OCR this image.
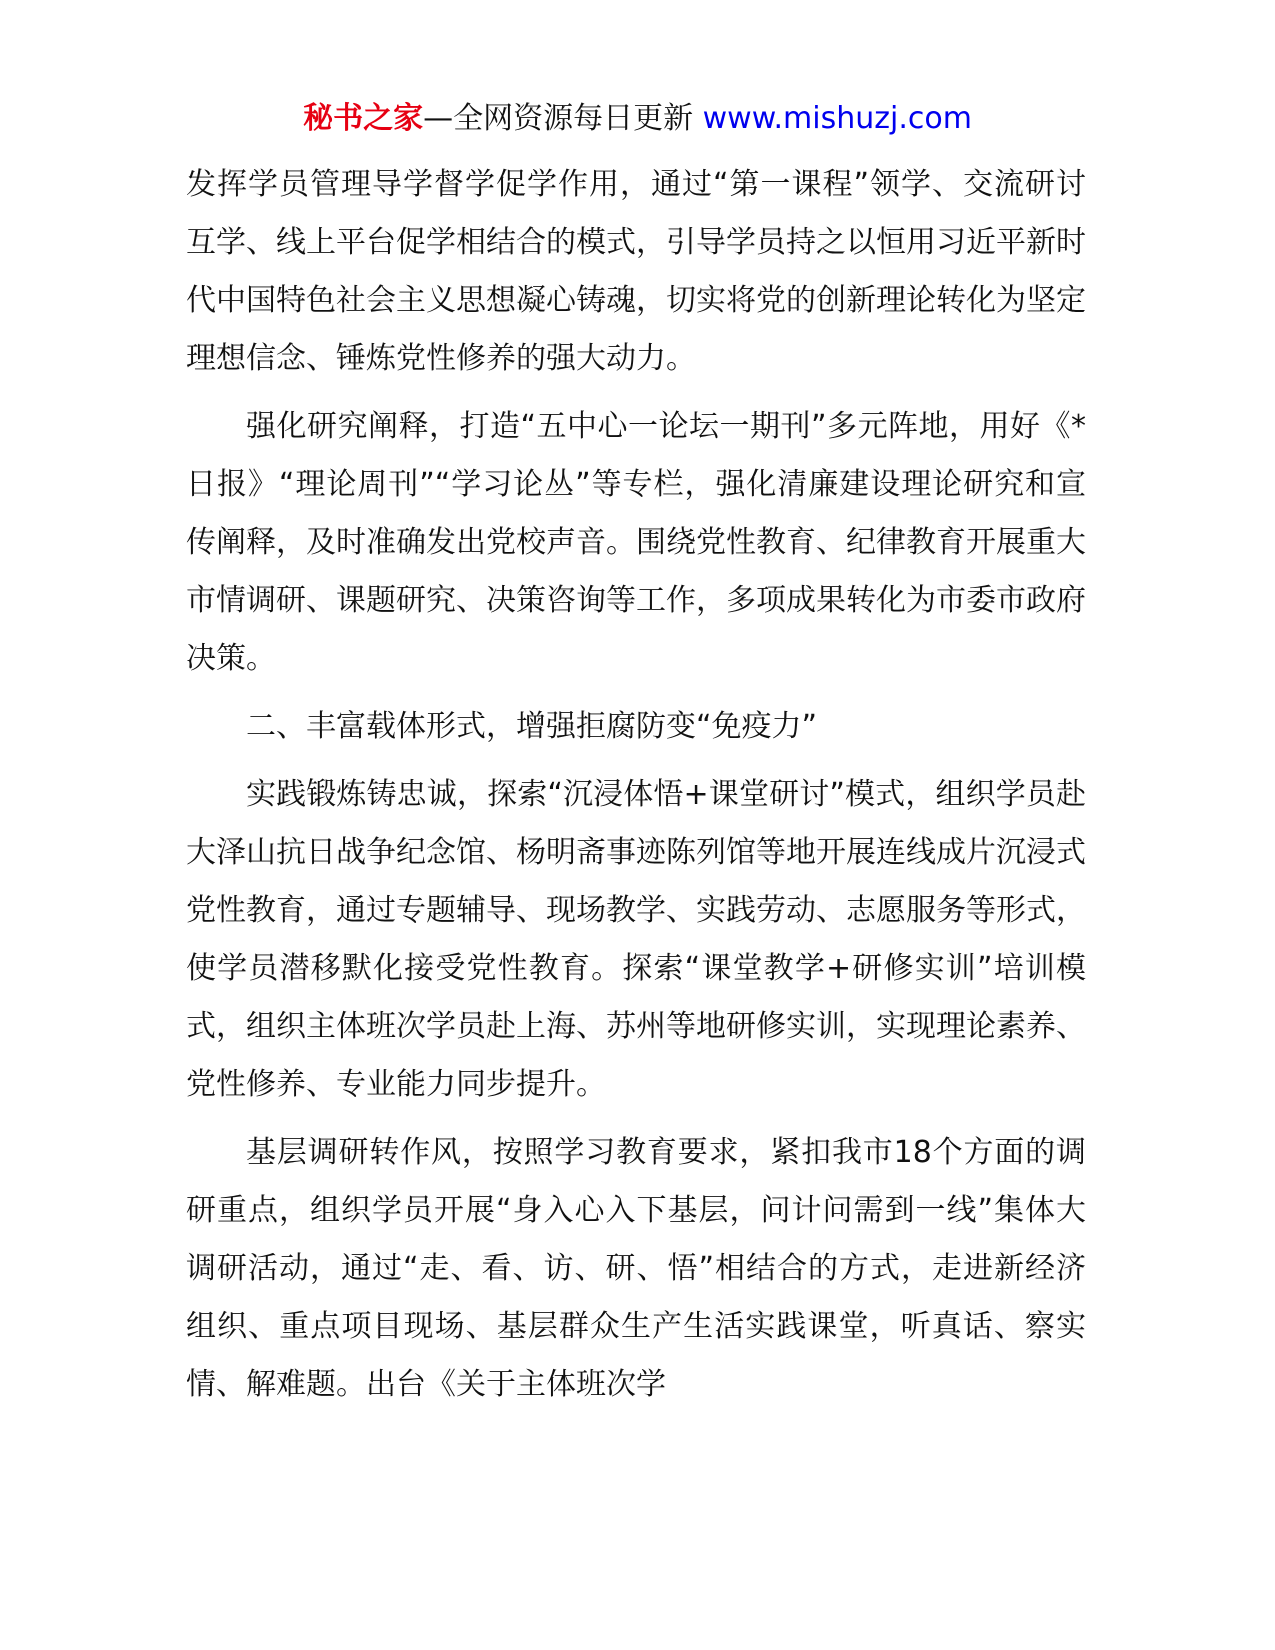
秘书之家—全网资源每日更新 www.mishuzj.com

发挥学员管理导学督学促学作用，通过“第一课程”领学、交流研讨互学、线上平台促学相结合的模式，引导学员持之以恒用习近平新时代中国特色社会主义思想凝心铸魂，切实将党的创新理论转化为坚定理想信念、锤炼党性修养的强大动力。

强化研究阐释，打造“五中心一论坛一期刊”多元阵地，用好《*日报》“理论周刊”“学习论丛”等专栏，强化清廉建设理论研究和宣传阐释，及时准确发出党校声音。围绕党性教育、纪律教育开展重大市情调研、课题研究、决策咨询等工作，多项成果转化为市委市政府决策。

二、丰富载体形式，增强拒腐防变“免疫力”

实践锻炼铸忠诚，探索“沉浸体悟+课堂研讨”模式，组织学员赴大泽山抗日战争纪念馆、杨明斋事迹陈列馆等地开展连线成片沉浸式党性教育，通过专题辅导、现场教学、实践劳动、志愿服务等形式，使学员潜移默化接受党性教育。探索“课堂教学+研修实训”培训模式，组织主体班次学员赴上海、苏州等地研修实训，实现理论素养、党性修养、专业能力同步提升。

基层调研转作风，按照学习教育要求，紧扣我市18个方面的调研重点，组织学员开展“身入心入下基层，问计问需到一线”集体大调研活动，通过“走、看、访、研、悟”相结合的方式，走进新经济组织、重点项目现场、基层群众生产生活实践课堂，听真话、察实情、解难题。出台《关于主体班次学
